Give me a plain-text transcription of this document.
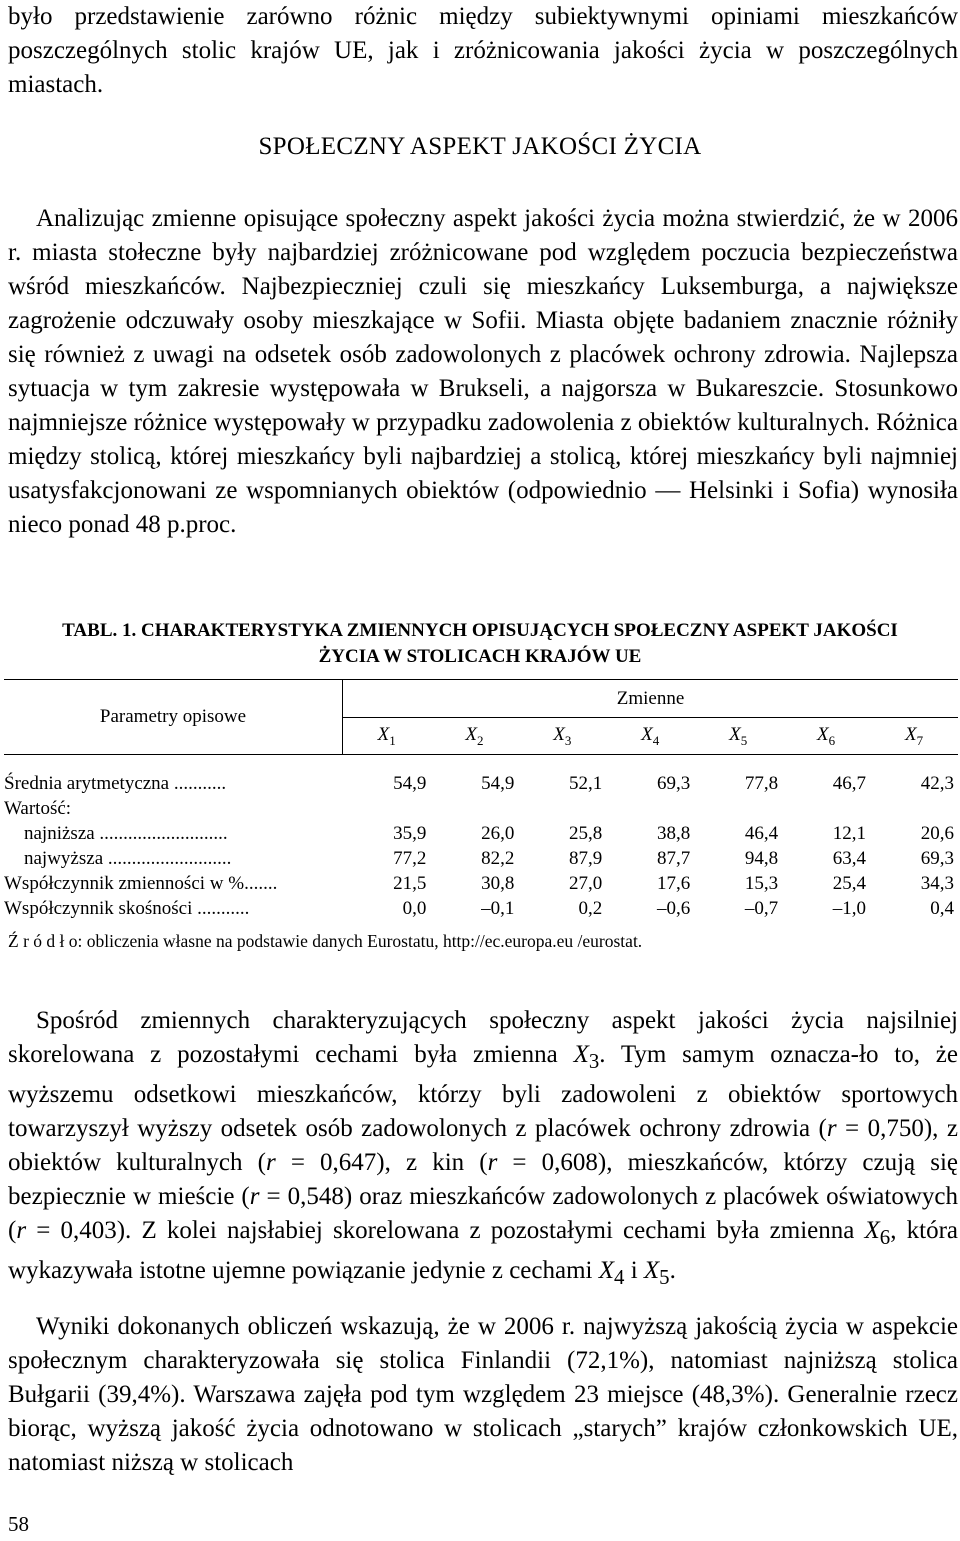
było przedstawienie zarówno różnic między subiektywnymi opiniami mieszkańców poszczególnych stolic krajów UE, jak i zróżnicowania jakości życia w poszczególnych miastach.

SPOŁECZNY ASPEKT JAKOŚCI ŻYCIA

Analizując zmienne opisujące społeczny aspekt jakości życia można stwierdzić, że w 2006 r. miasta stołeczne były najbardziej zróżnicowane pod względem poczucia bezpieczeństwa wśród mieszkańców. Najbezpieczniej czuli się mieszkańcy Luksemburga, a największe zagrożenie odczuwały osoby mieszkające w Sofii. Miasta objęte badaniem znacznie różniły się również z uwagi na odsetek osób zadowolonych z placówek ochrony zdrowia. Najlepsza sytuacja w tym zakresie występowała w Brukseli, a najgorsza w Bukareszcie. Stosunkowo najmniejsze różnice występowały w przypadku zadowolenia z obiektów kulturalnych. Różnica między stolicą, której mieszkańcy byli najbardziej a stolicą, której mieszkańcy byli najmniej usatysfakcjonowani ze wspomnianych obiektów (odpowiednio — Helsinki i Sofia) wynosiła nieco ponad 48 p.proc.

TABL. 1. CHARAKTERYSTYKA ZMIENNYCH OPISUJĄCYCH SPOŁECZNY ASPEKT JAKOŚCI
ŻYCIA W STOLICACH KRAJÓW UE
Parametry opisowe	Zmienne						
	$X_1$	$X_2$	$X_3$	$X_4$	$X_5$	$X_6$	$X_7$
Średnia arytmetyczna ...........	54,9	54,9	52,1	69,3	77,8	46,7	42,3
Wartość:							
najniższa ...........................	35,9	26,0	25,8	38,8	46,4	12,1	20,6
najwyższa ..........................	77,2	82,2	87,9	87,7	94,8	63,4	69,3
Współczynnik zmienności w %.......	21,5	30,8	27,0	17,6	15,3	25,4	34,3
Współczynnik skośności ...........	0,0	–0,1	0,2	–0,6	–0,7	–1,0	0,4

Ź r ó d ł o: obliczenia własne na podstawie danych Eurostatu, http://ec.europa.eu /eurostat.

Spośród zmiennych charakteryzujących społeczny aspekt jakości życia najsilniej skorelowana z pozostałymi cechami była zmienna $X_3$. Tym samym oznacza-ło to, że wyższemu odsetkowi mieszkańców, którzy byli zadowoleni z obiektów sportowych towarzyszył wyższy odsetek osób zadowolonych z placówek ochrony zdrowia (r = 0,750), z obiektów kulturalnych (r = 0,647), z kin (r = 0,608), mieszkańców, którzy czują się bezpiecznie w mieście (r = 0,548) oraz mieszkańców zadowolonych z placówek oświatowych (r = 0,403). Z kolei najsłabiej skorelowana z pozostałymi cechami była zmienna $X_6$, która wykazywała istotne ujemne powiązanie jedynie z cechami $X_4$ i $X_5$.

Wyniki dokonanych obliczeń wskazują, że w 2006 r. najwyższą jakością życia w aspekcie społecznym charakteryzowała się stolica Finlandii (72,1%), natomiast najniższą stolica Bułgarii (39,4%). Warszawa zajęła pod tym względem 23 miejsce (48,3%). Generalnie rzecz biorąc, wyższą jakość życia odnotowano w stolicach „starych” krajów członkowskich UE, natomiast niższą w stolicach

58
